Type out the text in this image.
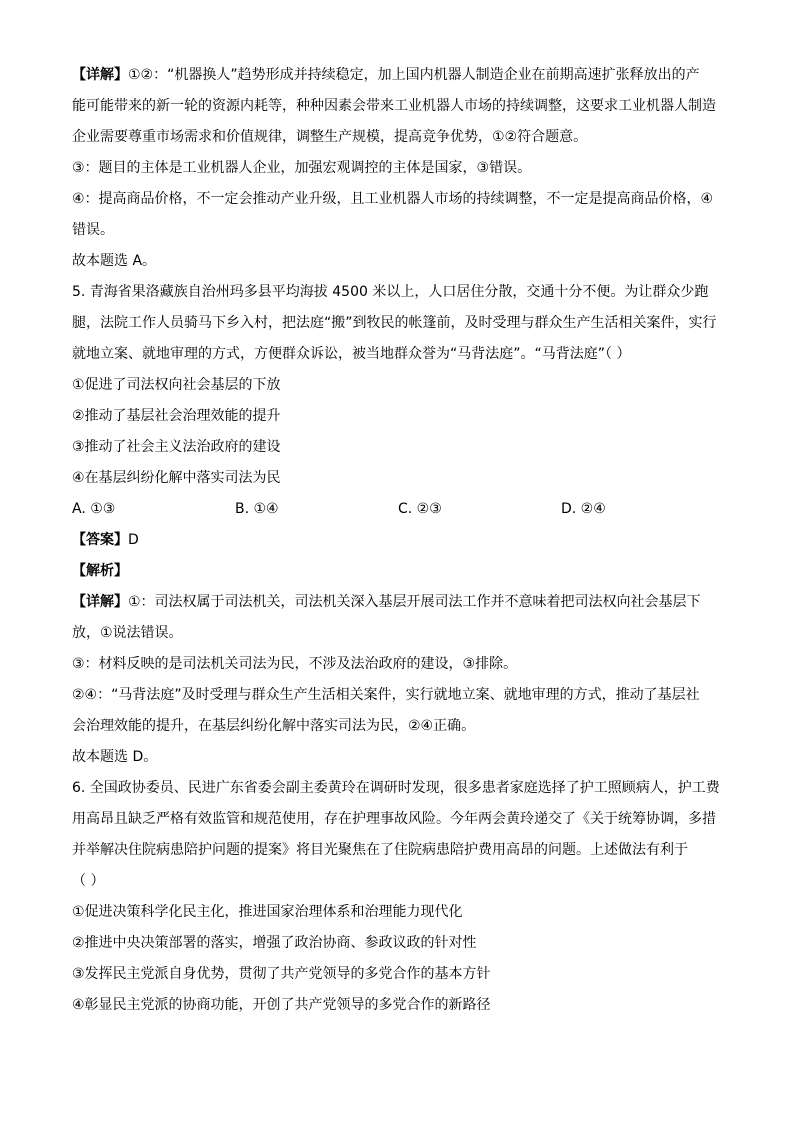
【详解】①②：“机器换人”趋势形成并持续稳定，加上国内机器人制造企业在前期高速扩张释放出的产
能可能带来的新一轮的资源内耗等，种种因素会带来工业机器人市场的持续调整，这要求工业机器人制造
企业需要尊重市场需求和价值规律，调整生产规模，提高竞争优势，①②符合题意。
③：题目的主体是工业机器人企业，加强宏观调控的主体是国家，③错误。
④：提高商品价格，不一定会推动产业升级，且工业机器人市场的持续调整，不一定是提高商品价格，④
错误。
故本题选 A。
5. 青海省果洛藏族自治州玛多县平均海拔 4500 米以上，人口居住分散，交通十分不便。为让群众少跑
腿，法院工作人员骑马下乡入村，把法庭“搬”到牧民的帐篷前，及时受理与群众生产生活相关案件，实行
就地立案、就地审理的方式，方便群众诉讼，被当地群众誉为“马背法庭”。“马背法庭”（ ）
①促进了司法权向社会基层的下放
②推动了基层社会治理效能的提升
③推动了社会主义法治政府的建设
④在基层纠纷化解中落实司法为民
A. ①③	B. ①④	C. ②③	D. ②④
【答案】D
【解析】
【详解】①：司法权属于司法机关，司法机关深入基层开展司法工作并不意味着把司法权向社会基层下
放，①说法错误。
③：材料反映的是司法机关司法为民，不涉及法治政府的建设，③排除。
②④：“马背法庭”及时受理与群众生产生活相关案件，实行就地立案、就地审理的方式，推动了基层社
会治理效能的提升，在基层纠纷化解中落实司法为民，②④正确。
故本题选 D。
6. 全国政协委员、民进广东省委会副主委黄玲在调研时发现，很多患者家庭选择了护工照顾病人，护工费
用高昂且缺乏严格有效监管和规范使用，存在护理事故风险。今年两会黄玲递交了《关于统筹协调，多措
并举解决住院病患陪护问题的提案》将目光聚焦在了住院病患陪护费用高昂的问题。上述做法有利于
（ ）
①促进决策科学化民主化，推进国家治理体系和治理能力现代化
②推进中央决策部署的落实，增强了政治协商、参政议政的针对性
③发挥民主党派自身优势，贯彻了共产党领导的多党合作的基本方针
④彰显民主党派的协商功能，开创了共产党领导的多党合作的新路径
